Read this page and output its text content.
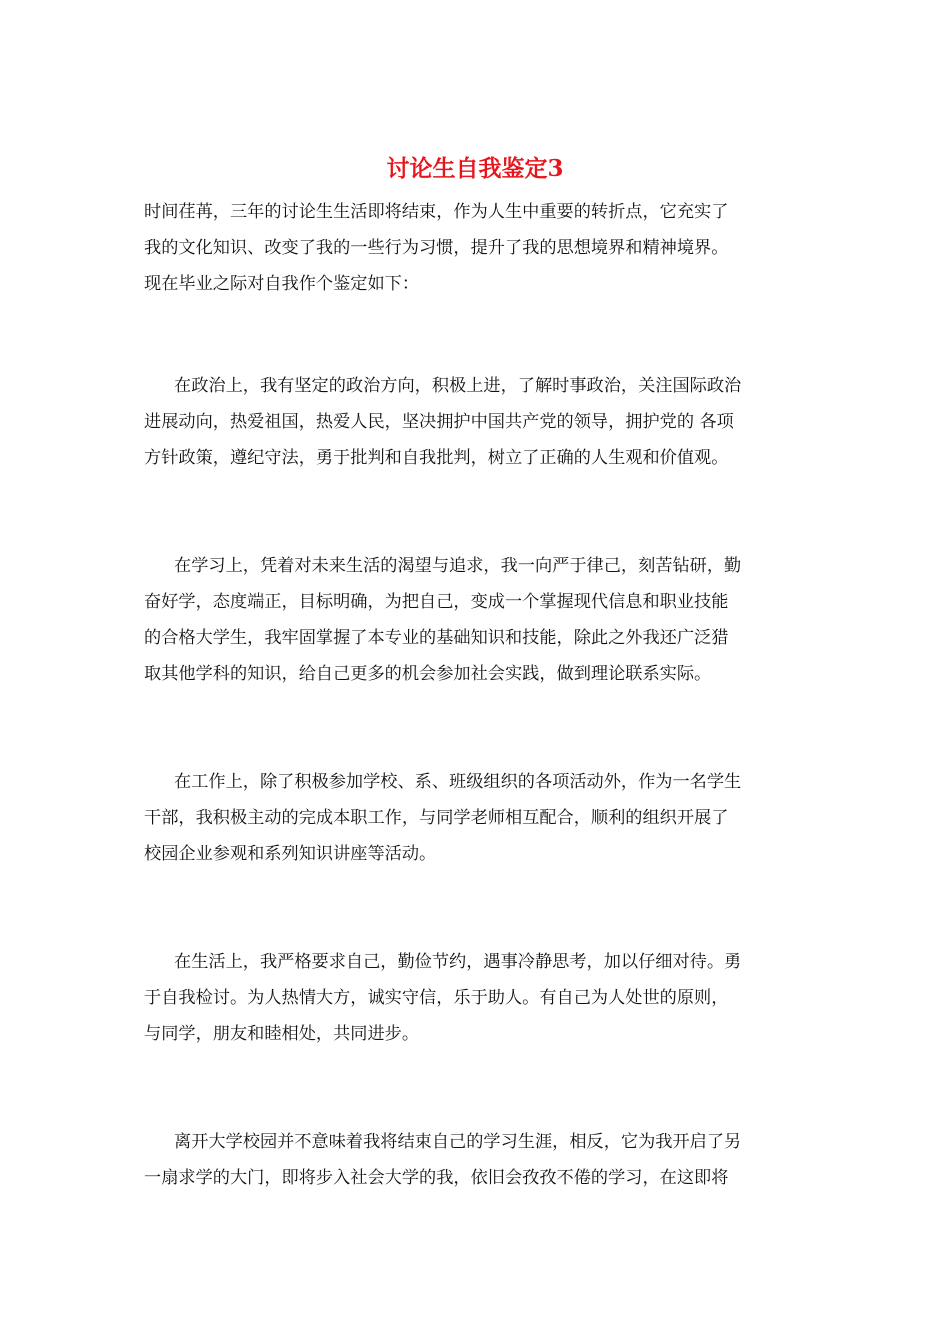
讨论生自我鉴定3
时间荏苒，三年的讨论生生活即将结束，作为人生中重要的转折点，它充实了
我的文化知识、改变了我的一些行为习惯，提升了我的思想境界和精神境界。
现在毕业之际对自我作个鉴定如下：
在政治上，我有坚定的政治方向，积极上进，了解时事政治，关注国际政治
进展动向，热爱祖国，热爱人民，坚决拥护中国共产党的领导，拥护党的 各项
方针政策，遵纪守法，勇于批判和自我批判，树立了正确的人生观和价值观。
在学习上，凭着对未来生活的渴望与追求，我一向严于律己，刻苦钻研，勤
奋好学，态度端正，目标明确，为把自己，变成一个掌握现代信息和职业技能
的合格大学生，我牢固掌握了本专业的基础知识和技能，除此之外我还广泛猎
取其他学科的知识，给自己更多的机会参加社会实践，做到理论联系实际。
在工作上，除了积极参加学校、系、班级组织的各项活动外，作为一名学生
干部，我积极主动的完成本职工作，与同学老师相互配合，顺利的组织开展了
校园企业参观和系列知识讲座等活动。
在生活上，我严格要求自己，勤俭节约，遇事冷静思考，加以仔细对待。勇
于自我检讨。为人热情大方，诚实守信，乐于助人。有自己为人处世的原则，
与同学，朋友和睦相处，共同进步。
离开大学校园并不意味着我将结束自己的学习生涯，相反，它为我开启了另
一扇求学的大门，即将步入社会大学的我，依旧会孜孜不倦的学习，在这即将
